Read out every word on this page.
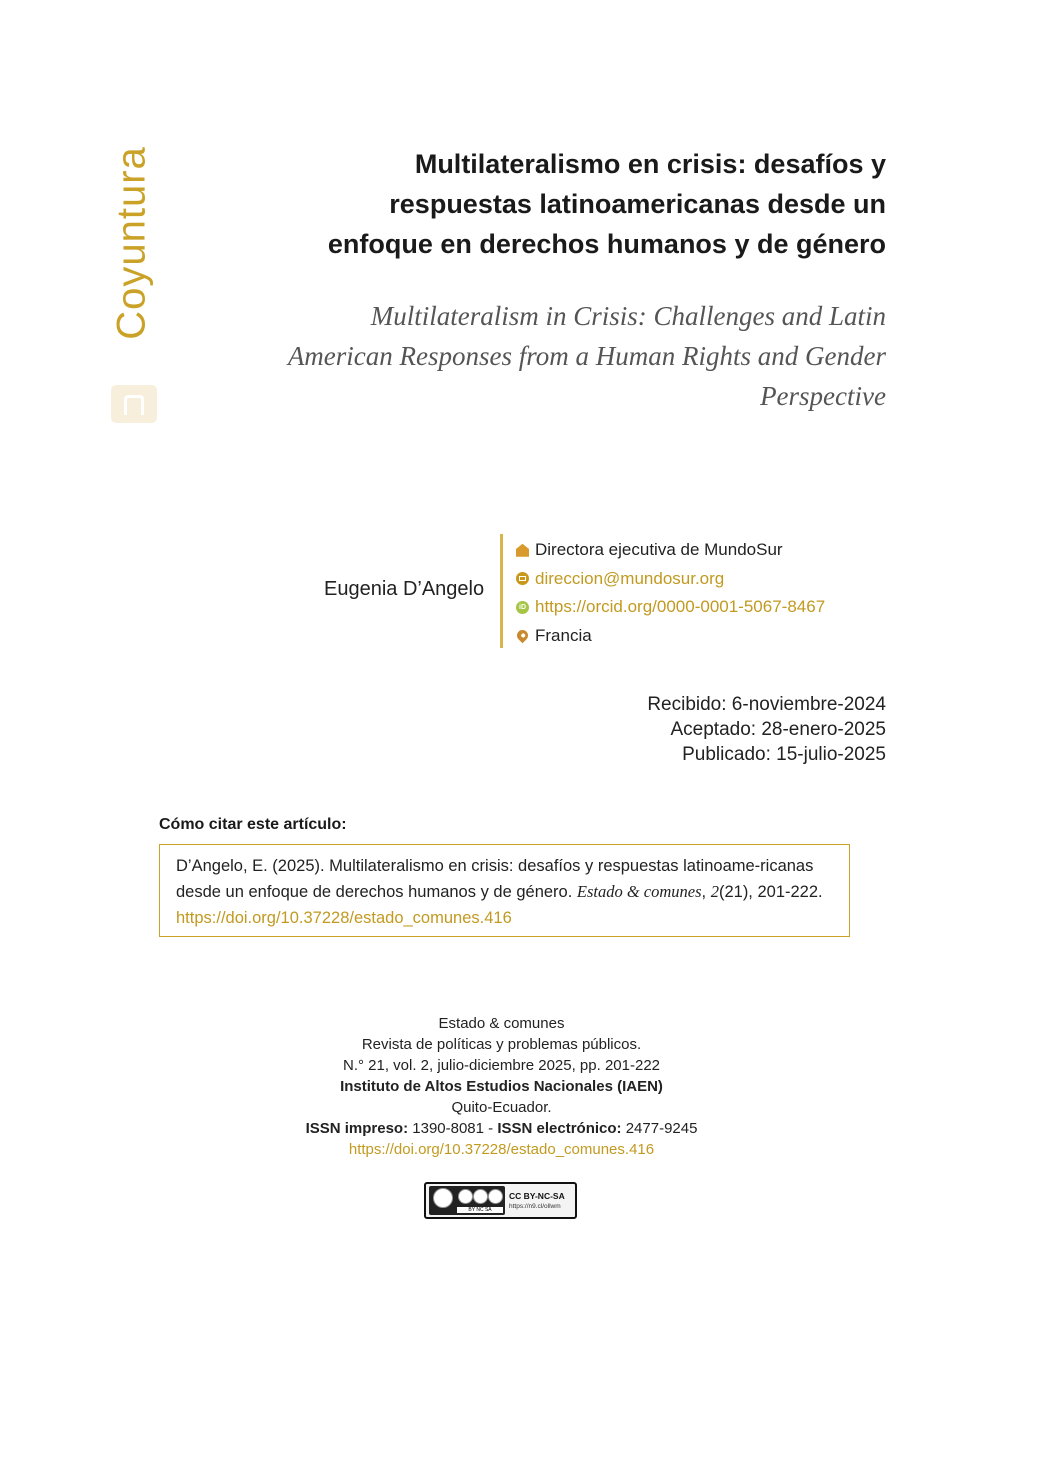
Coyuntura	Multilateralismo en crisis: desafíos y respuestas latinoamericanas desde un enfoque en derechos humanos y de género
Multilateralism in Crisis: Challenges and Latin American Responses from a Human Rights and Gender Perspective
Eugenia D’Angelo
Directora ejecutiva de MundoSur
direccion@mundosur.org
iD https://orcid.org/0000-0001-5067-8467
Francia
Recibido: 6-noviembre-2024
Aceptado: 28-enero-2025
Publicado: 15-julio-2025
Cómo citar este artículo:
D’Angelo, E. (2025). Multilateralismo en crisis: desafíos y respuestas latinoame-ricanas desde un enfoque de derechos humanos y de género. Estado & comunes, 2(21), 201-222. https://doi.org/10.37228/estado_comunes.416
Estado & comunes
Revista de políticas y problemas públicos.
N.° 21, vol. 2, julio-diciembre 2025, pp. 201-222
Instituto de Altos Estudios Nacionales (IAEN)
Quito-Ecuador.
ISSN impreso: 1390-8081 - ISSN electrónico: 2477-9245
https://doi.org/10.37228/estado_comunes.416
BY NC SA
CC BY-NC-SA
https://n9.cl/ollwm
